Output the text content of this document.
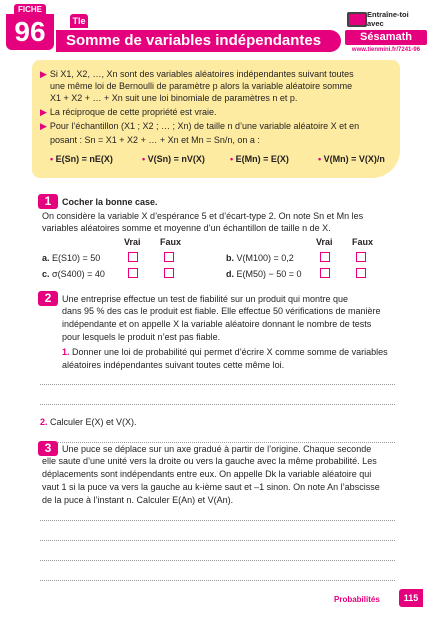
FICHE
96	Tle
Somme de variables indépendantes
Entraîne-toi
avec
Sésamath
www.tienmini.fr/7241-96
▶ Si X1, X2, …, Xn sont des variables aléatoires indépendantes suivant toutes
une même loi de Bernoulli de paramètre p alors la variable aléatoire somme
X1 + X2 + … + Xn suit une loi binomiale de paramètres n et p.
▶ La réciproque de cette propriété est vraie.
▶ Pour l’échantillon (X1 ; X2 ; … ; Xn) de taille n d’une variable aléatoire X et en
posant : Sn = X1 + X2 + … + Xn et Mn = Sn/n, on a :
• E(Sn) = nE(X)	• V(Sn) = nV(X)	• E(Mn) = E(X)	• V(Mn) = V(X)/n
• 1 Cocher la bonne case.
On considère la variable X d’espérance 5 et d’écart-type 2. On note Sn et Mn les
variables aléatoires somme et moyenne d’un échantillon de taille n de X.
Vrai Faux	Vrai Faux
a. E(S10) = 50	b. V(M100) = 0,2
c. σ(S400) = 40	d. E(M50) − 50 = 0
• 2 Une entreprise effectue un test de fiabilité sur un produit qui montre que
dans 95 % des cas le produit est fiable. Elle effectue 50 vérifications de manière
indépendante et on appelle X la variable aléatoire donnant le nombre de tests
pour lesquels le produit n’est pas fiable.
1. Donner une loi de probabilité qui permet d’écrire X comme somme de variables
aléatoires indépendantes suivant toutes cette même loi.
2. Calculer E(X) et V(X).
• 3 Une puce se déplace sur un axe gradué à partir de l’origine. Chaque seconde
elle saute d’une unité vers la droite ou vers la gauche avec la même probabilité. Les
déplacements sont indépendants entre eux. On appelle Dk la variable aléatoire qui
vaut 1 si la puce va vers la gauche au k-ième saut et –1 sinon. On note An l’abscisse
de la puce à l’instant n. Calculer E(An) et V(An).
Probabilités	115
